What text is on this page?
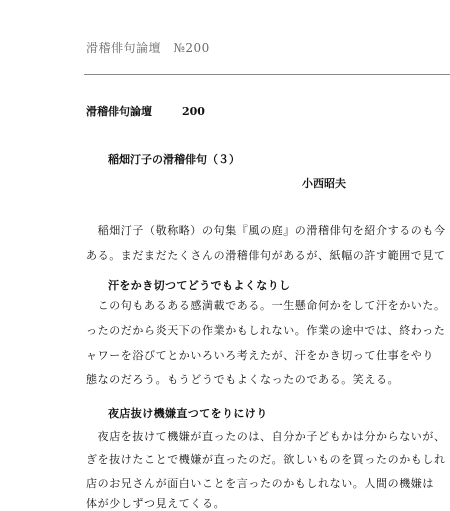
滑稽俳句論壇　№200
滑稽俳句論壇	200
稲畑汀子の滑稽俳句（３）
小西昭夫
　稲畑汀子（敬称略）の句集『風の庭』の滑稽俳句を紹介するのも今
ある。まだまだたくさんの滑稽俳句があるが、紙幅の許す範囲で見て
汗をかき切つてどうでもよくなりし
　この句もあるある感満載である。一生懸命何かをして汗をかいた。
ったのだから炎天下の作業かもしれない。作業の途中では、終わった
ャワーを浴びてとかいろいろ考えたが、汗をかき切って仕事をやり
態なのだろう。もうどうでもよくなったのである。笑える。
夜店抜け機嫌直つてをりにけり
　夜店を抜けて機嫌が直ったのは、自分か子どもかは分からないが、
ぎを抜けたことで機嫌が直ったのだ。欲しいものを買ったのかもしれ
店のお兄さんが面白いことを言ったのかもしれない。人間の機嫌は
体が少しずつ見えてくる。
